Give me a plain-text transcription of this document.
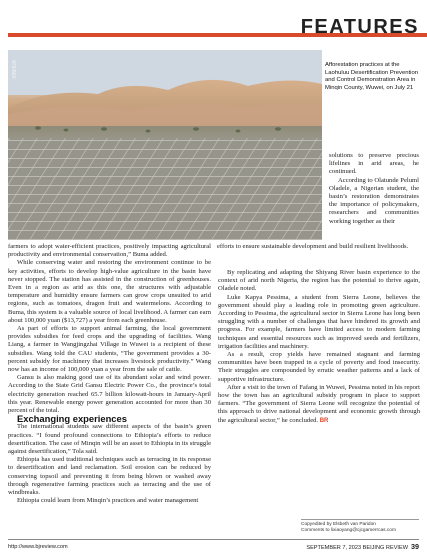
FEATURES
XINHUA	Afforestation practices at the Laohuluu Desertification Prevention and Control Demonstration Area in Minqin County, Wuwei, on July 21

solutions to preserve precious lifelines in arid areas, he continued.

According to Olatunde Peluml Oladele, a Nigerian student, the basin’s restoration demonstrates the importance of policymakers, researchers and communities working together as their

farmers to adopt water-efficient practices, positively impacting agricultural productivity and environmental conservation,” Buma added.

While conserving water and restoring the environment continue to be key activities, efforts to develop high-value agriculture in the basin have never stopped. The station has assisted in the construction of greenhouses. Even in a region as arid as this one, the structures with adjustable temperature and humidity ensure farmers can grow crops unsuited to arid regions, such as tomatoes, dragon fruit and watermelons. According to Buma, this system is a valuable source of local livelihood. A farmer can earn about 100,000 yuan ($13,727) a year from each greenhouse.

As part of efforts to support animal farming, the local government provides subsidies for feed crops and the upgrading of facilities. Wang Liang, a farmer in Wangjingzhai Village in Wuwei is a recipient of these subsidies. Wang told the CAU students, “The government provides a 30-percent subsidy for machinery that increases livestock productivity.” Wang now has an income of 100,000 yuan a year from the sale of cattle.

Gansu is also making good use of its abundant solar and wind power. According to the State Grid Gansu Electric Power Co., the province’s total electricity generation reached 65.7 billion kilowatt-hours in January-April this year. Renewable energy power generation accounted for more than 30 percent of the total.

Exchanging experiences

The international students saw different aspects of the basin’s green practices. “I found profound connections to Ethiopia’s efforts to reduce desertification. The case of Minqin will be an asset to Ethiopia in its struggle against desertification,” Tola said.

Ethiopia has used traditional techniques such as terracing in its response to desertification and land reclamation. Soil erosion can be reduced by conserving topsoil and preventing it from being blown or washed away through regenerative farming practices such as terracing and the use of windbreaks.

Ethiopia could learn from Minqin’s practices and water management

efforts to ensure sustainable development and build resilient livelihoods.

By replicating and adapting the Shiyang River basin experience to the context of arid north Nigeria, the region has the potential to thrive again, Oladele noted.

Luke Kapya Pessima, a student from Sierra Leone, believes the government should play a leading role in promoting green agriculture. According to Pessima, the agricultural sector in Sierra Leone has long been struggling with a number of challenges that have hindered its growth and progress. For example, farmers have limited access to modern farming techniques and essential resources such as improved seeds and fertilizers, irrigation facilities and machinery.

As a result, crop yields have remained stagnant and farming communities have been trapped in a cycle of poverty and food insecurity. Their struggles are compounded by erratic weather patterns and a lack of supportive infrastructure.

After a visit to the town of Fafang in Wuwei, Pessima noted in his report how the town has an agricultural subsidy program in place to support farmers. “The government of Sierra Leone will recognize the potential of this approach to drive national development and economic growth through the agricultural sector,” he concluded. BR

Copyedited by Elsbeth van Paridon
Comments to lixiaoyang@cjcgamerrcas.com
http://www.bjreview.com	SEPTEMBER 7, 2023 BEIJING REVIEW 39
